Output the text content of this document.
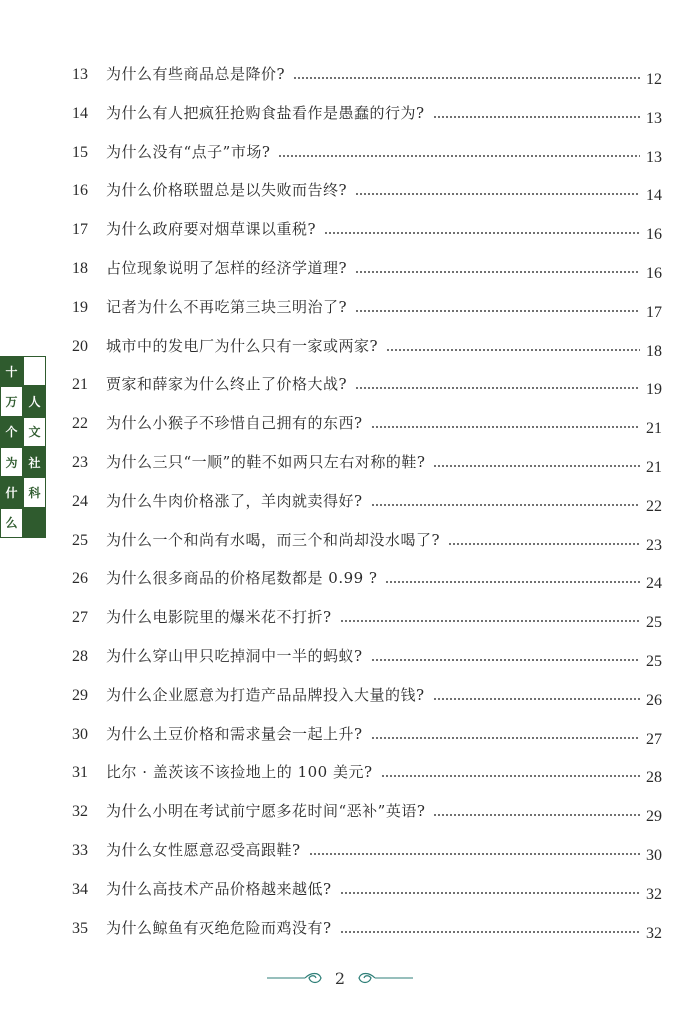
13	为什么有些商品总是降价?	12
14	为什么有人把疯狂抢购食盐看作是愚蠢的行为?	13
15	为什么没有“点子”市场?	13
16	为什么价格联盟总是以失败而告终?	14
17	为什么政府要对烟草课以重税?	16
18	占位现象说明了怎样的经济学道理?	16
19	记者为什么不再吃第三块三明治了?	17
20	城市中的发电厂为什么只有一家或两家?	18
21	贾家和薛家为什么终止了价格大战?	19
22	为什么小猴子不珍惜自己拥有的东西?	21
23	为什么三只“一顺”的鞋不如两只左右对称的鞋?	21
24	为什么牛肉价格涨了，羊肉就卖得好?	22
25	为什么一个和尚有水喝，而三个和尚却没水喝了?	23
26	为什么很多商品的价格尾数都是 0.99 ?	24
27	为什么电影院里的爆米花不打折?	25
28	为什么穿山甲只吃掉洞中一半的蚂蚁?	25
29	为什么企业愿意为打造产品品牌投入大量的钱?	26
30	为什么土豆价格和需求量会一起上升?	27
31	比尔 · 盖茨该不该捡地上的 100 美元?	28
32	为什么小明在考试前宁愿多花时间“恶补”英语?	29
33	为什么女性愿意忍受高跟鞋?	30
34	为什么高技术产品价格越来越低?	32
35	为什么鲸鱼有灭绝危险而鸡没有?	32
十
万 人
个 文
为 社
什 科
么
2
